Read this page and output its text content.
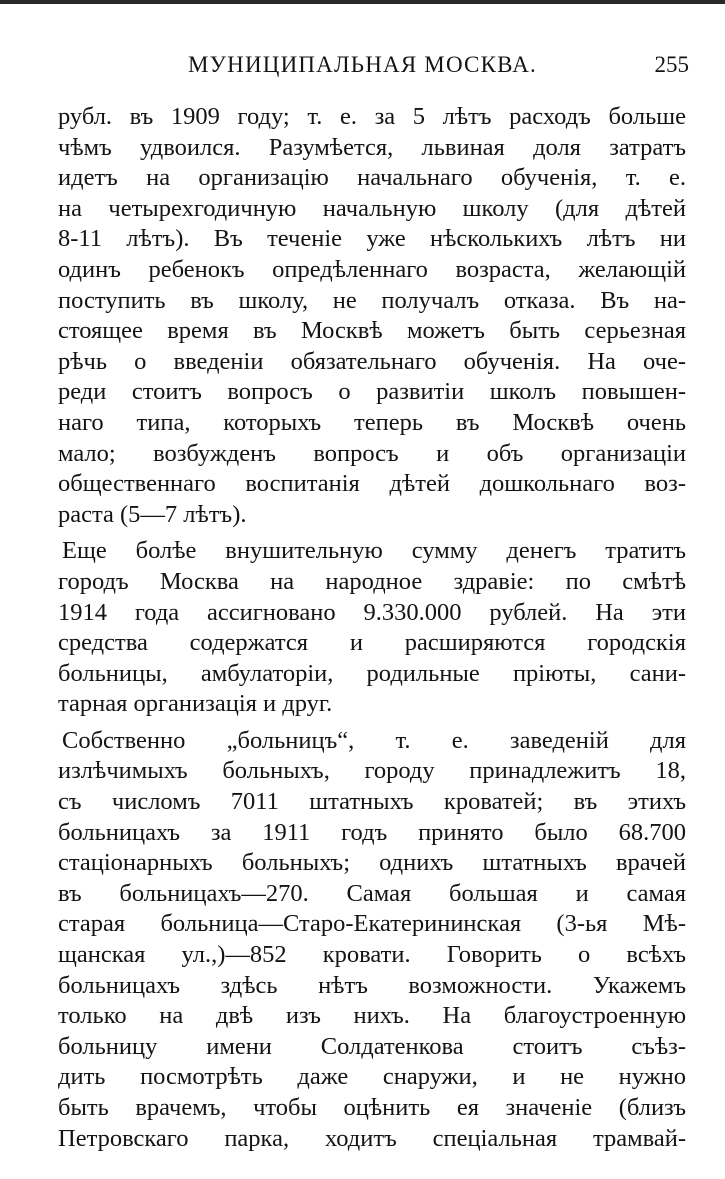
МУНИЦИПАЛЬНАЯ МОСКВА.	255
рубл. въ 1909 году; т. е. за 5 лѣтъ расходъ больше
чѣмъ удвоился. Разумѣется, львиная доля затратъ
идетъ на организацію начальнаго обученія, т. е.
на четырехгодичную начальную школу (для дѣтей
8-11 лѣтъ). Въ теченіе уже нѣсколькихъ лѣтъ ни
одинъ ребенокъ опредѣленнаго возраста, желающій
поступить въ школу, не получалъ отказа. Въ на-
стоящее время въ Москвѣ можетъ быть серьезная
рѣчь о введеніи обязательнаго обученія. На оче-
реди стоитъ вопросъ о развитіи школъ повышен-
наго типа, которыхъ теперь въ Москвѣ очень
мало; возбужденъ вопросъ и объ организаціи
общественнаго воспитанія дѣтей дошкольнаго воз-
раста (5—7 лѣтъ).
Еще болѣе внушительную сумму денегъ тратитъ
городъ Москва на народное здравіе: по смѣтѣ
1914 года ассигновано 9.330.000 рублей. На эти
средства содержатся и расширяются городскія
больницы, амбулаторіи, родильные пріюты, сани-
тарная организація и друг.
Собственно „больницъ“, т. е. заведеній для
излѣчимыхъ больныхъ, городу принадлежитъ 18,
съ числомъ 7011 штатныхъ кроватей; въ этихъ
больницахъ за 1911 годъ принято было 68.700
стаціонарныхъ больныхъ; однихъ штатныхъ врачей
въ больницахъ—270. Самая большая и самая
старая больница—Старо-Екатерининская (3-ья Мѣ-
щанская ул.,)—852 кровати. Говорить о всѣхъ
больницахъ здѣсь нѣтъ возможности. Укажемъ
только на двѣ изъ нихъ. На благоустроенную
больницу имени Солдатенкова стоитъ съѣз-
дить посмотрѣть даже снаружи, и не нужно
быть врачемъ, чтобы оцѣнить ея значеніе (близъ
Петровскаго парка, ходитъ спеціальная трамвай-
